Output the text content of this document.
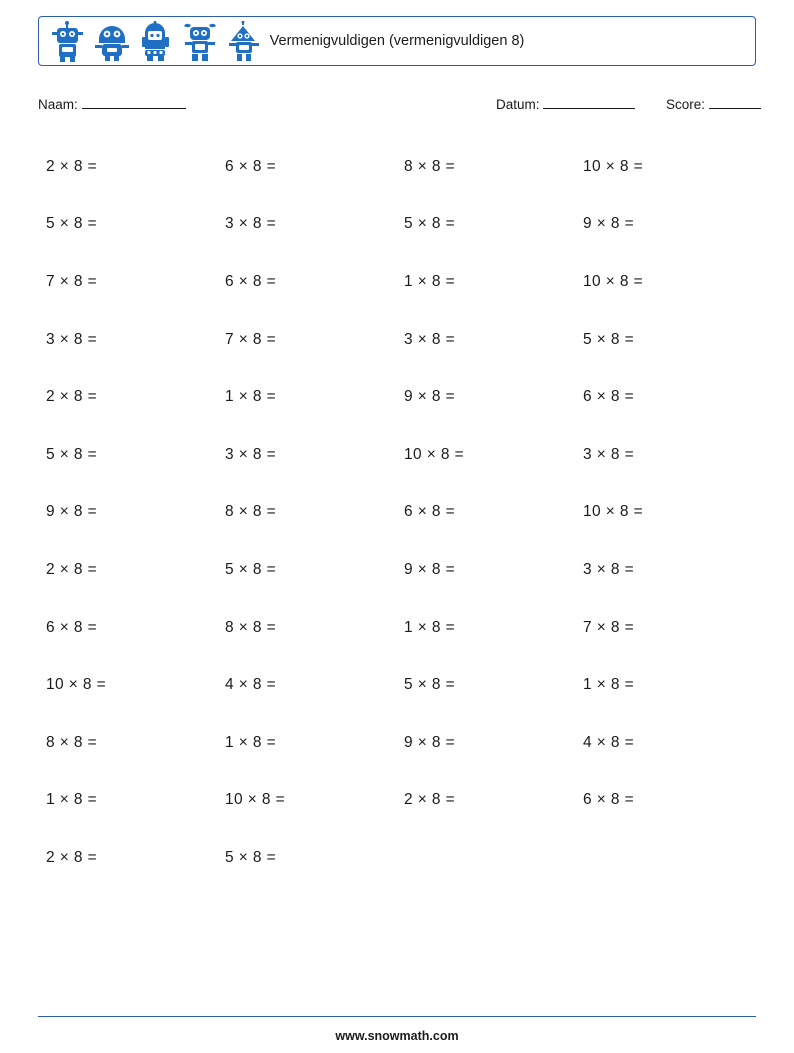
Vermenigvuldigen (vermenigvuldigen 8)
Naam:	Datum:	Score:
2 × 8 =	6 × 8 =	8 × 8 =	10 × 8 =
5 × 8 =	3 × 8 =	5 × 8 =	9 × 8 =
7 × 8 =	6 × 8 =	1 × 8 =	10 × 8 =
3 × 8 =	7 × 8 =	3 × 8 =	5 × 8 =
2 × 8 =	1 × 8 =	9 × 8 =	6 × 8 =
5 × 8 =	3 × 8 =	10 × 8 =	3 × 8 =
9 × 8 =	8 × 8 =	6 × 8 =	10 × 8 =
2 × 8 =	5 × 8 =	9 × 8 =	3 × 8 =
6 × 8 =	8 × 8 =	1 × 8 =	7 × 8 =
10 × 8 =	4 × 8 =	5 × 8 =	1 × 8 =
8 × 8 =	1 × 8 =	9 × 8 =	4 × 8 =
1 × 8 =	10 × 8 =	2 × 8 =	6 × 8 =
2 × 8 =	5 × 8 =
www.snowmath.com
